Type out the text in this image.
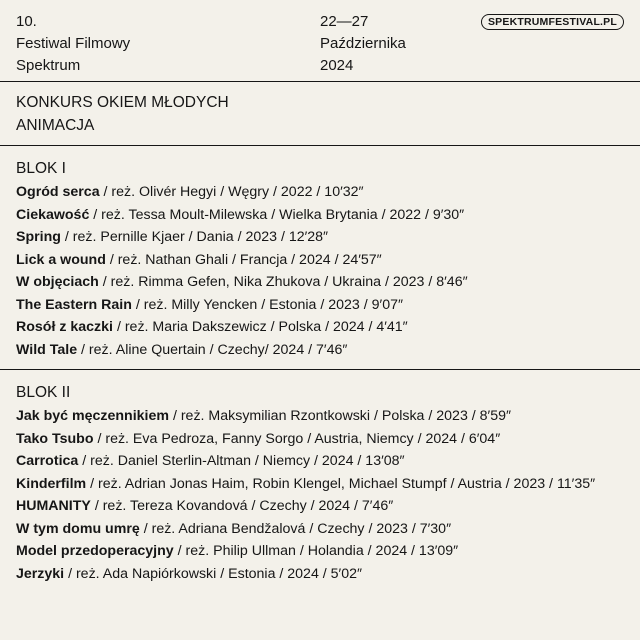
10.
Festiwal Filmowy
Spektrum
22—27
Października
2024
SPEKTRUMFESTIVAL.PL
KONKURS OKIEM MŁODYCH
ANIMACJA
BLOK I
Ogród serca / reż. Olivér Hegyi / Węgry / 2022 / 10′32″
Ciekawość / reż. Tessa Moult-Milewska / Wielka Brytania / 2022 / 9′30″
Spring / reż. Pernille Kjaer / Dania / 2023 / 12′28″
Lick a wound / reż. Nathan Ghali / Francja / 2024 / 24′57″
W objęciach / reż. Rimma Gefen, Nika Zhukova / Ukraina / 2023 / 8′46″
The Eastern Rain / reż. Milly Yencken / Estonia / 2023 / 9′07″
Rosół z kaczki / reż. Maria Dakszewicz / Polska / 2024 / 4′41″
Wild Tale / reż. Aline Quertain / Czechy/ 2024 / 7′46″
BLOK II
Jak być męczennikiem / reż. Maksymilian Rzontkowski / Polska / 2023 / 8′59″
Tako Tsubo / reż. Eva Pedroza, Fanny Sorgo / Austria, Niemcy / 2024 / 6′04″
Carrotica / reż. Daniel Sterlin-Altman / Niemcy / 2024 / 13′08″
Kinderfilm / reż. Adrian Jonas Haim, Robin Klengel, Michael Stumpf / Austria / 2023 / 11′35″
HUMANITY / reż. Tereza Kovandová / Czechy / 2024 / 7′46″
W tym domu umrę / reż. Adriana Bendžalová / Czechy / 2023 / 7′30″
Model przedoperacyjny / reż. Philip Ullman / Holandia / 2024 / 13′09″
Jerzyki / reż. Ada Napiórkowski / Estonia / 2024 / 5′02″
